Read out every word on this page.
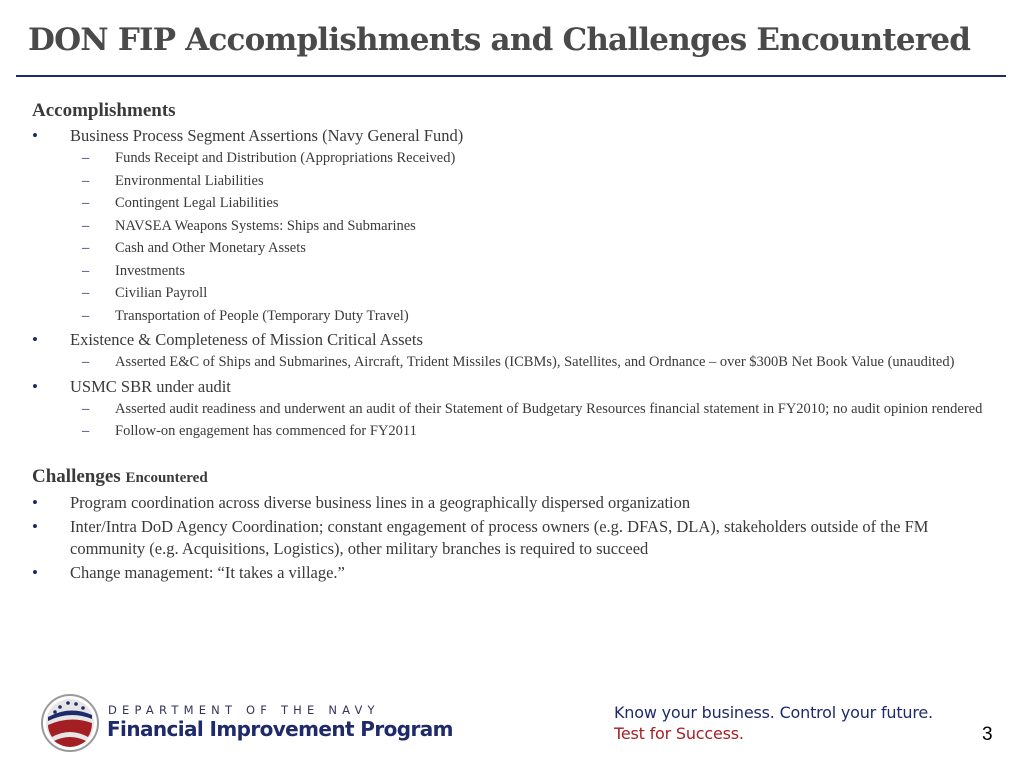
DON FIP Accomplishments and Challenges Encountered
Accomplishments
• Business Process Segment Assertions (Navy General Fund)
– Funds Receipt and Distribution (Appropriations Received)
– Environmental Liabilities
– Contingent Legal Liabilities
– NAVSEA Weapons Systems: Ships and Submarines
– Cash and Other Monetary Assets
– Investments
– Civilian Payroll
– Transportation of People (Temporary Duty Travel)
• Existence & Completeness of Mission Critical Assets
– Asserted E&C of Ships and Submarines, Aircraft, Trident Missiles (ICBMs), Satellites, and Ordnance – over $300B Net Book Value (unaudited)
• USMC SBR under audit
– Asserted audit readiness and underwent an audit of their Statement of Budgetary Resources financial statement in FY2010; no audit opinion rendered
– Follow-on engagement has commenced for FY2011
Challenges Encountered
• Program coordination across diverse business lines in a geographically dispersed organization
• Inter/Intra DoD Agency Coordination; constant engagement of process owners (e.g. DFAS, DLA), stakeholders outside of the FM community (e.g. Acquisitions, Logistics), other military branches is required to succeed
• Change management: “It takes a village.”
DEPARTMENT OF THE NAVY
Financial Improvement Program
Know your business. Control your future.
Test for Success.	3
